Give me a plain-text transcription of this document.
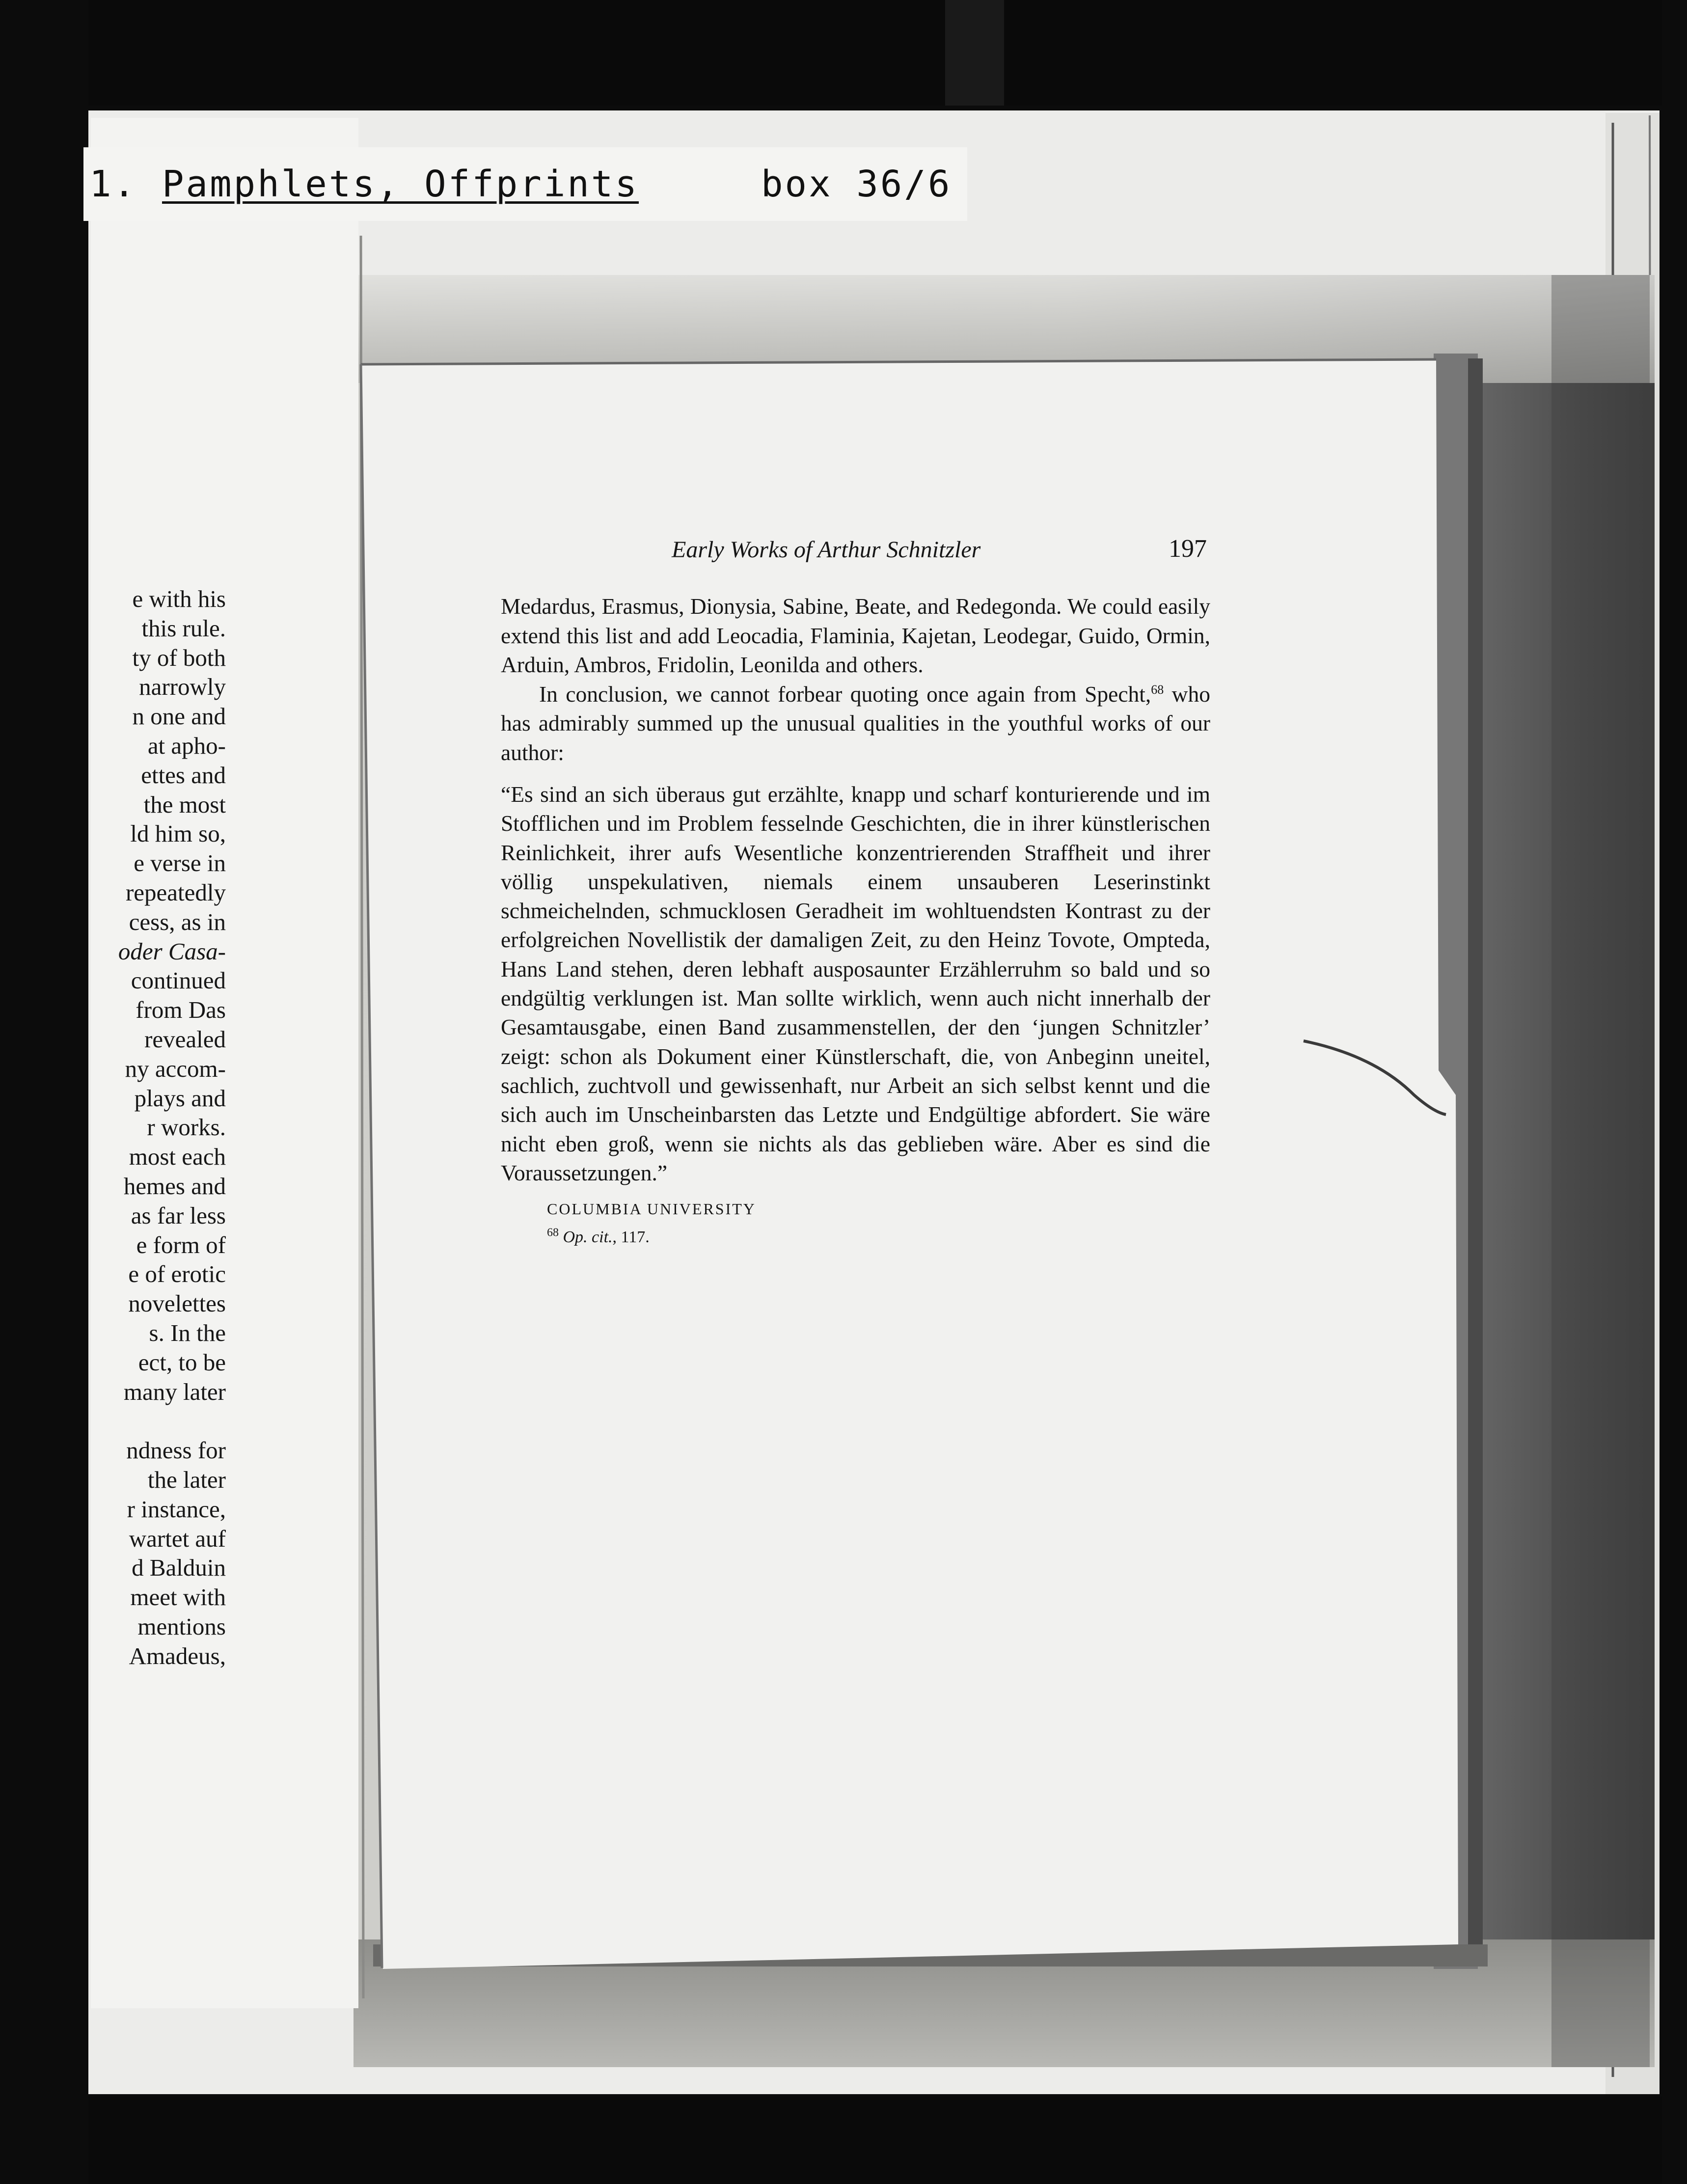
1. Pamphlets, Offprints	box 36/6
e with his
this rule.
ty of both
narrowly
n one and
at apho-
ettes and
the most
ld him so,
e verse in
repeatedly
cess, as in
oder Casa-
continued
from Das
revealed
ny accom-
plays and
r works.
most each
hemes and
as far less
e form of
e of erotic
novelettes
s. In the
ect, to be
many later
ndness for
the later
r instance,
wartet auf
d Balduin
meet with
mentions
Amadeus,
Early Works of Arthur Schnitzler	197

Medardus, Erasmus, Dionysia, Sabine, Beate, and Redegonda. We could easily extend this list and add Leocadia, Flaminia, Kajetan, Leodegar, Guido, Ormin, Arduin, Ambros, Fridolin, Leonilda and others.

In conclusion, we cannot forbear quoting once again from Specht,$^{68}$ who has admirably summed up the unusual qualities in the youthful works of our author:

“Es sind an sich überaus gut erzählte, knapp und scharf konturierende und im Stofflichen und im Problem fesselnde Geschichten, die in ihrer künstlerischen Reinlichkeit, ihrer aufs Wesentliche konzentrierenden Straffheit und ihrer völlig unspekulativen, niemals einem unsauberen Leserinstinkt schmeichelnden, schmucklosen Geradheit im wohltuendsten Kontrast zu der erfolgreichen Novellistik der damaligen Zeit, zu den Heinz Tovote, Ompteda, Hans Land stehen, deren lebhaft ausposaunter Erzählerruhm so bald und so endgültig verklungen ist. Man sollte wirklich, wenn auch nicht innerhalb der Gesamtausgabe, einen Band zusammenstellen, der den ‘jungen Schnitzler’ zeigt: schon als Dokument einer Künstlerschaft, die, von Anbeginn uneitel, sachlich, zuchtvoll und gewissenhaft, nur Arbeit an sich selbst kennt und die sich auch im Unscheinbarsten das Letzte und Endgültige abfordert. Sie wäre nicht eben groß, wenn sie nichts als das geblieben wäre. Aber es sind die Voraussetzungen.”

COLUMBIA UNIVERSITY

$^{68}$ Op. cit., 117.
